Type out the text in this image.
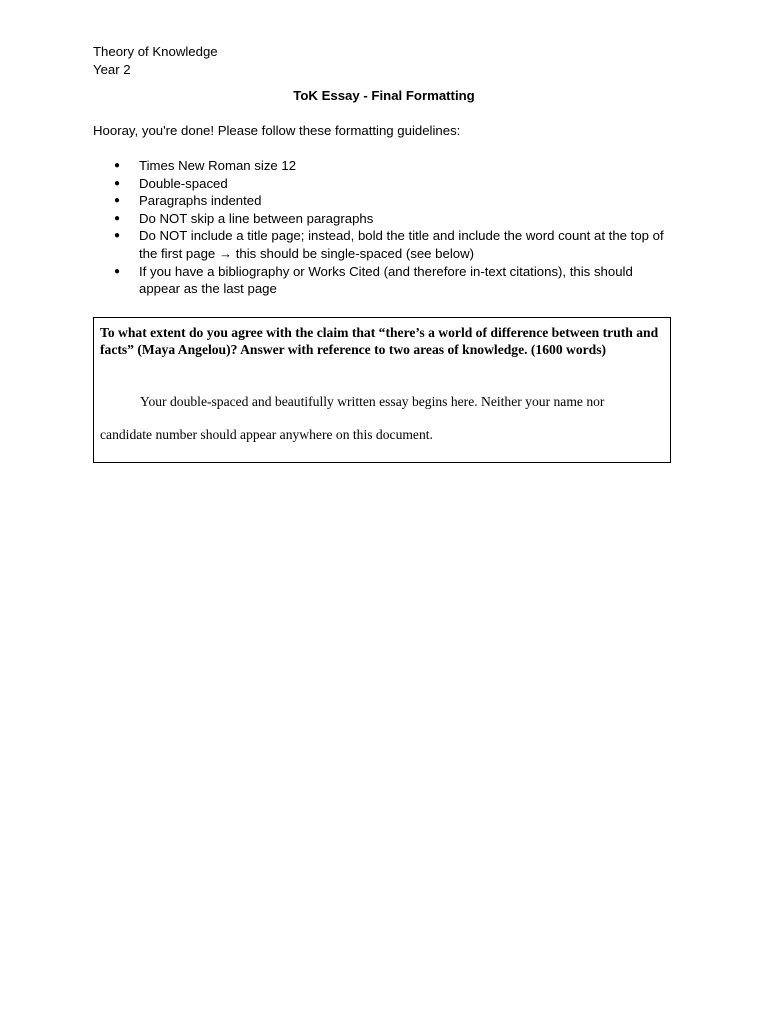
Theory of Knowledge
Year 2
ToK Essay - Final Formatting
Hooray, you're done! Please follow these formatting guidelines:
● Times New Roman size 12
● Double-spaced
● Paragraphs indented
● Do NOT skip a line between paragraphs
● Do NOT include a title page; instead, bold the title and include the word count at the top of the first page → this should be single-spaced (see below)
● If you have a bibliography or Works Cited (and therefore in-text citations), this should appear as the last page
To what extent do you agree with the claim that “there’s a world of difference between truth and facts” (Maya Angelou)? Answer with reference to two areas of knowledge. (1600 words)
Your double-spaced and beautifully written essay begins here. Neither your name nor
candidate number should appear anywhere on this document.
